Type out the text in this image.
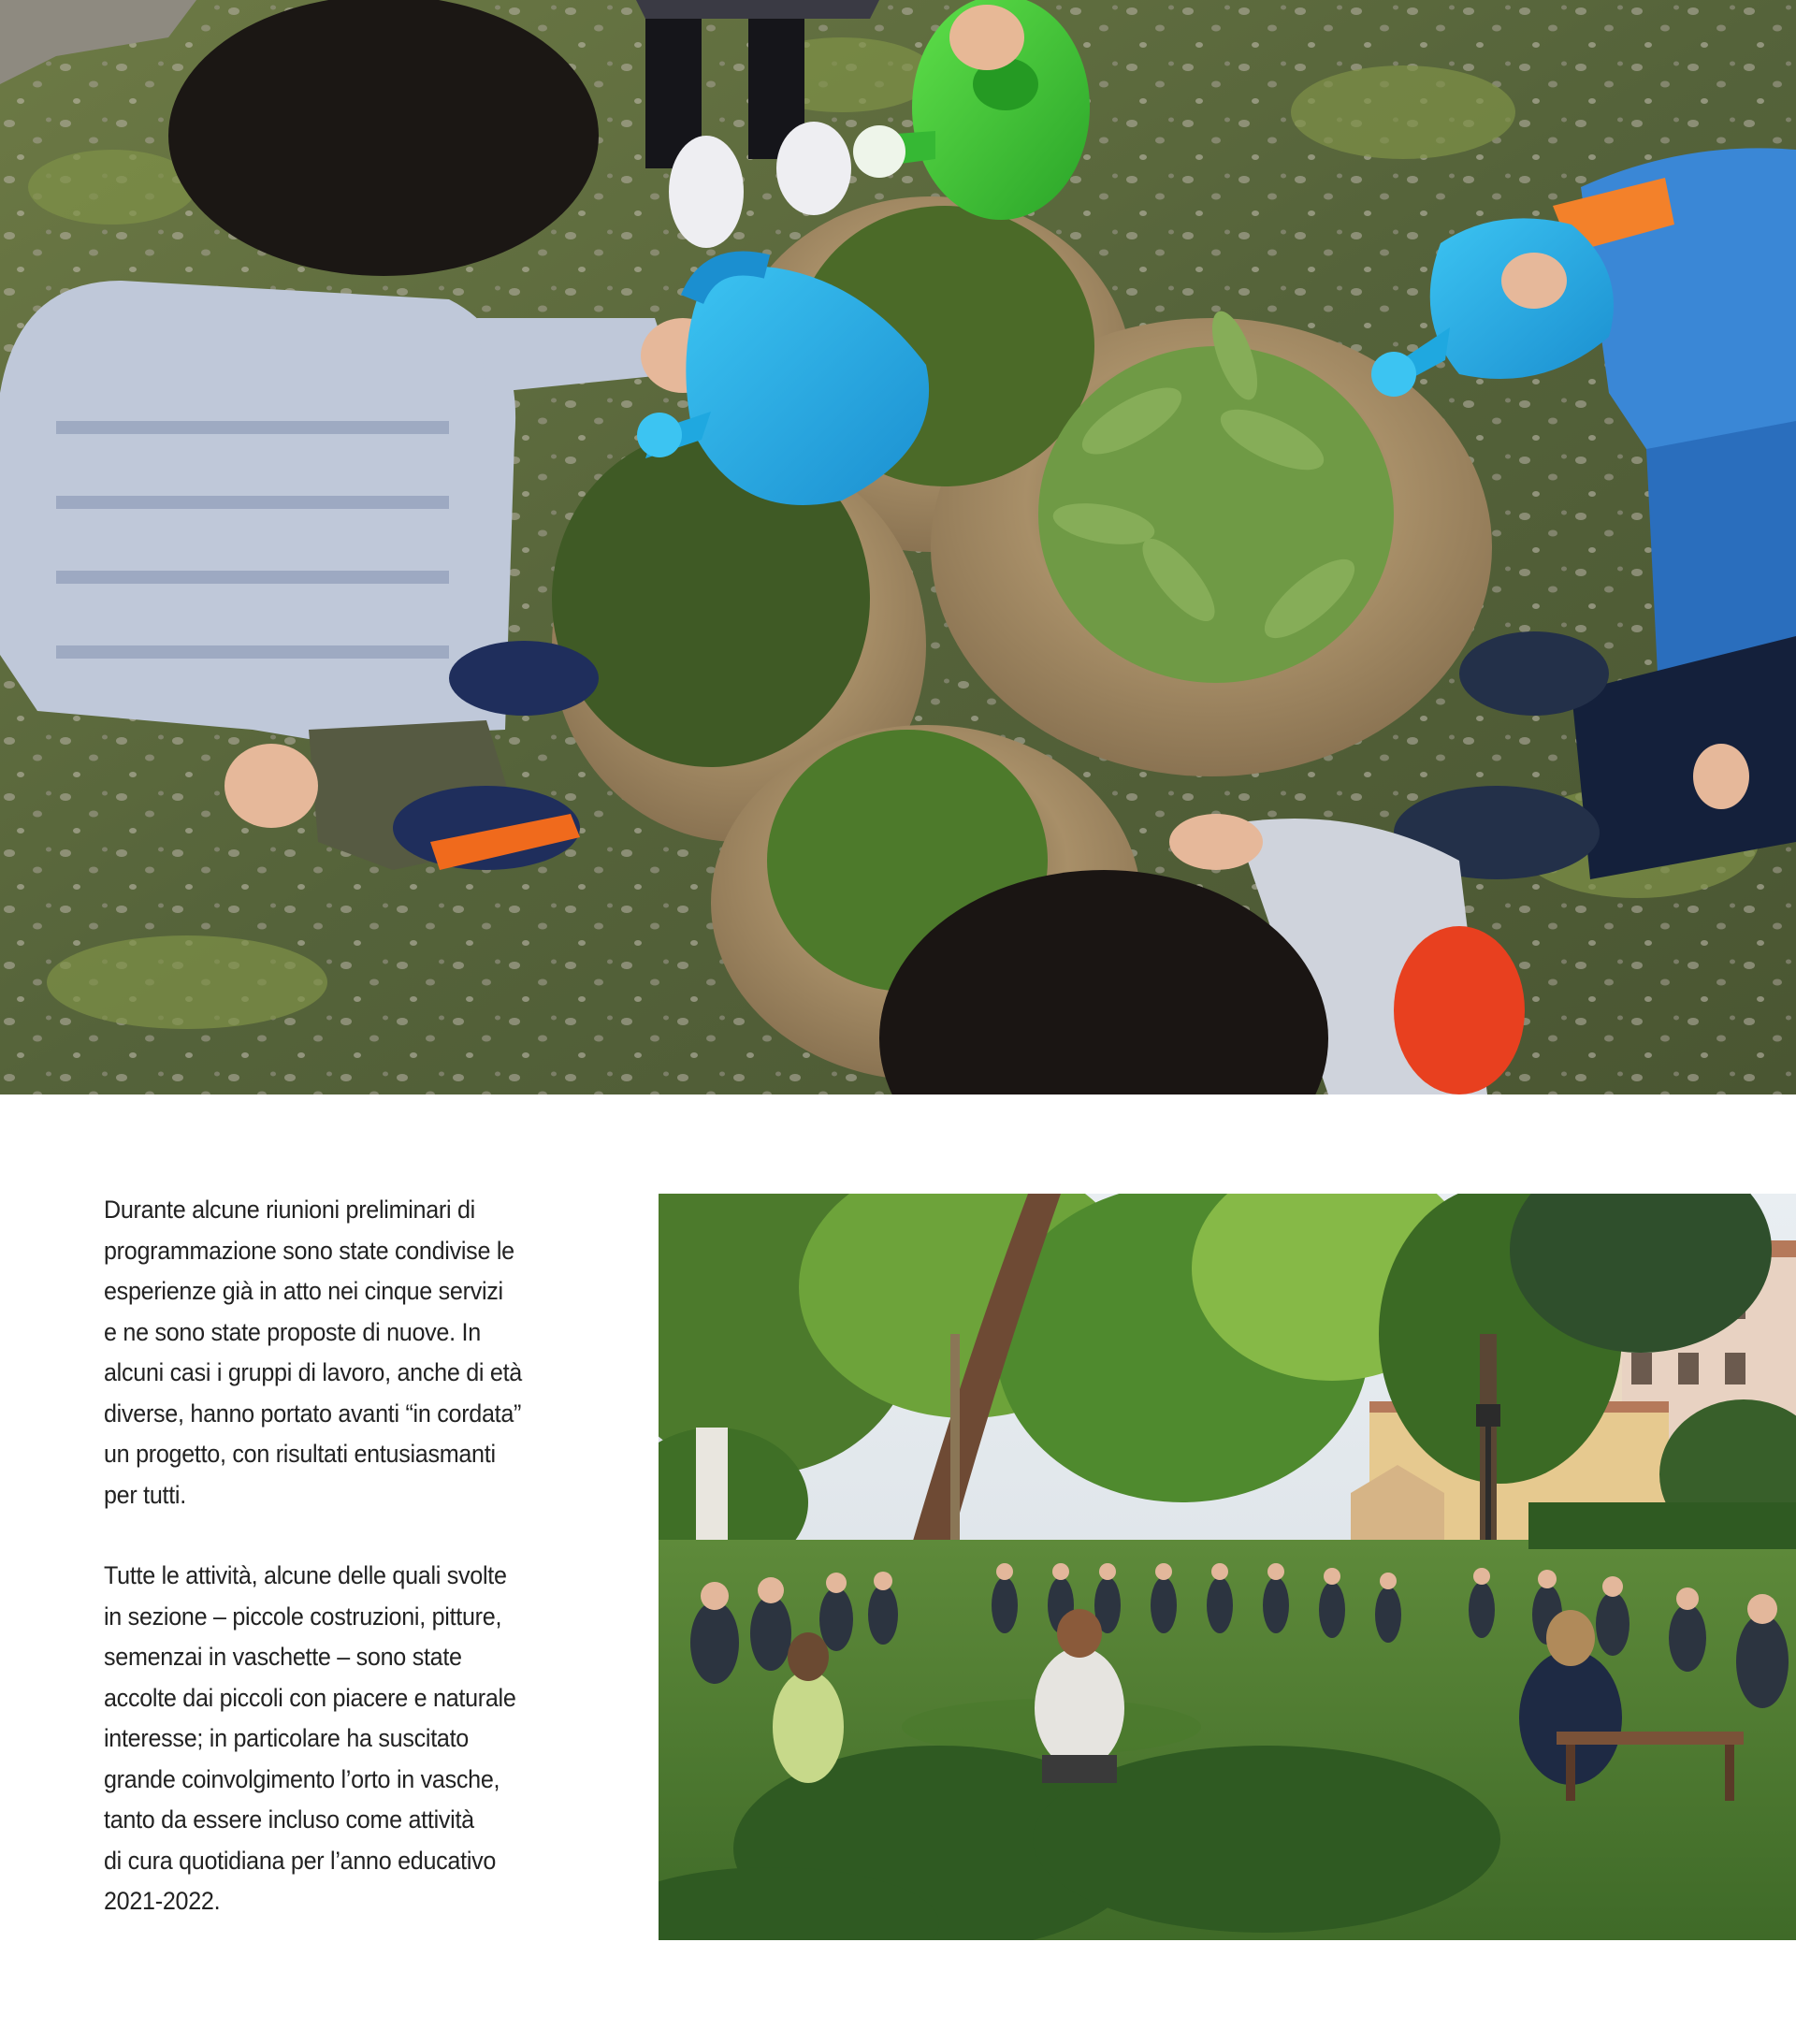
Durante alcune riunioni preliminari di

programmazione sono state condivise le

esperienze già in atto nei cinque servizi

e ne sono state proposte di nuove. In

alcuni casi i gruppi di lavoro, anche di età

diverse, hanno portato avanti “in cordata”

un progetto, con risultati entusiasmanti

per tutti.

Tutte le attività, alcune delle quali svolte

in sezione – piccole costruzioni, pitture,

semenzai in vaschette – sono state

accolte dai piccoli con piacere e naturale

interesse; in particolare ha suscitato

grande coinvolgimento l’orto in vasche,

tanto da essere incluso come attività

di cura quotidiana per l’anno educativo

2021-2022.
